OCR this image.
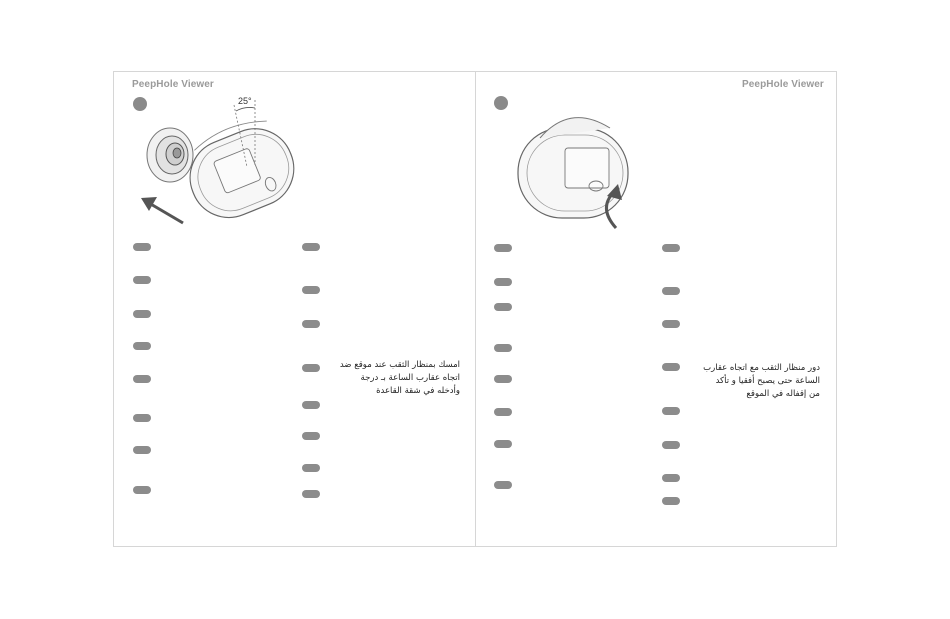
PeepHole Viewer
25°
امسك بمنظار الثقب عند موقع ضد
اتجاه عقارب الساعة بـ درجة
وأدخله في شقة القاعدة
PeepHole Viewer
دور منظار الثقب مع اتجاه عقارب
الساعة حتى يصبح أفقيا و تأكد
من إقفاله في الموقع
